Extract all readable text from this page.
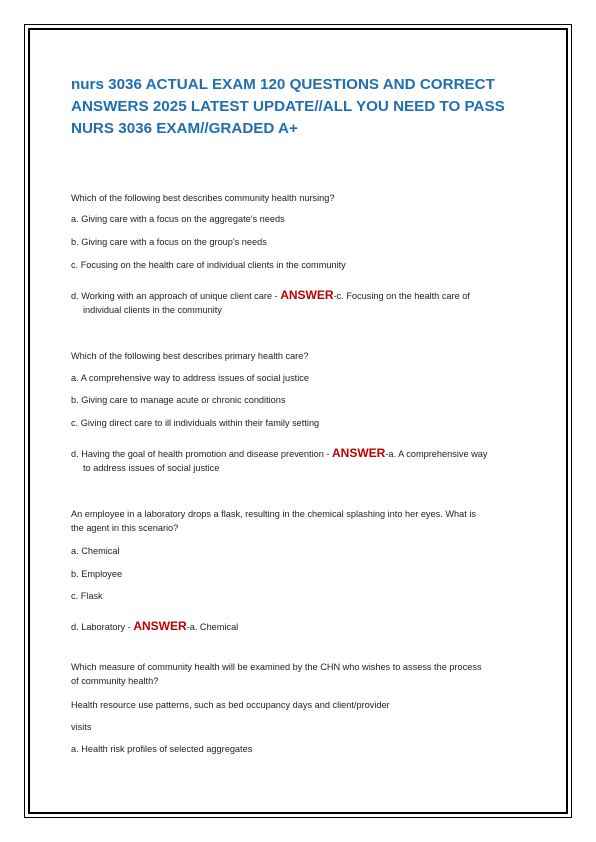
nurs 3036 ACTUAL EXAM 120 QUESTIONS AND CORRECT ANSWERS 2025 LATEST UPDATE//ALL YOU NEED TO PASS NURS 3036 EXAM//GRADED A+
Which of the following best describes community health nursing?
a. Giving care with a focus on the aggregate's needs
b. Giving care with a focus on the group's needs
c. Focusing on the health care of individual clients in the community
d. Working with an approach of unique client care - ANSWER-c. Focusing on the health care of
individual clients in the community
Which of the following best describes primary health care?
a. A comprehensive way to address issues of social justice
b. Giving care to manage acute or chronic conditions
c. Giving direct care to ill individuals within their family setting
d. Having the goal of health promotion and disease prevention - ANSWER-a. A comprehensive way
to address issues of social justice
An employee in a laboratory drops a flask, resulting in the chemical splashing into her eyes. What is
the agent in this scenario?
a. Chemical
b. Employee
c. Flask
d. Laboratory - ANSWER-a. Chemical
Which measure of community health will be examined by the CHN who wishes to assess the process
of community health?
Health resource use patterns, such as bed occupancy days and client/provider
visits
a. Health risk profiles of selected aggregates
